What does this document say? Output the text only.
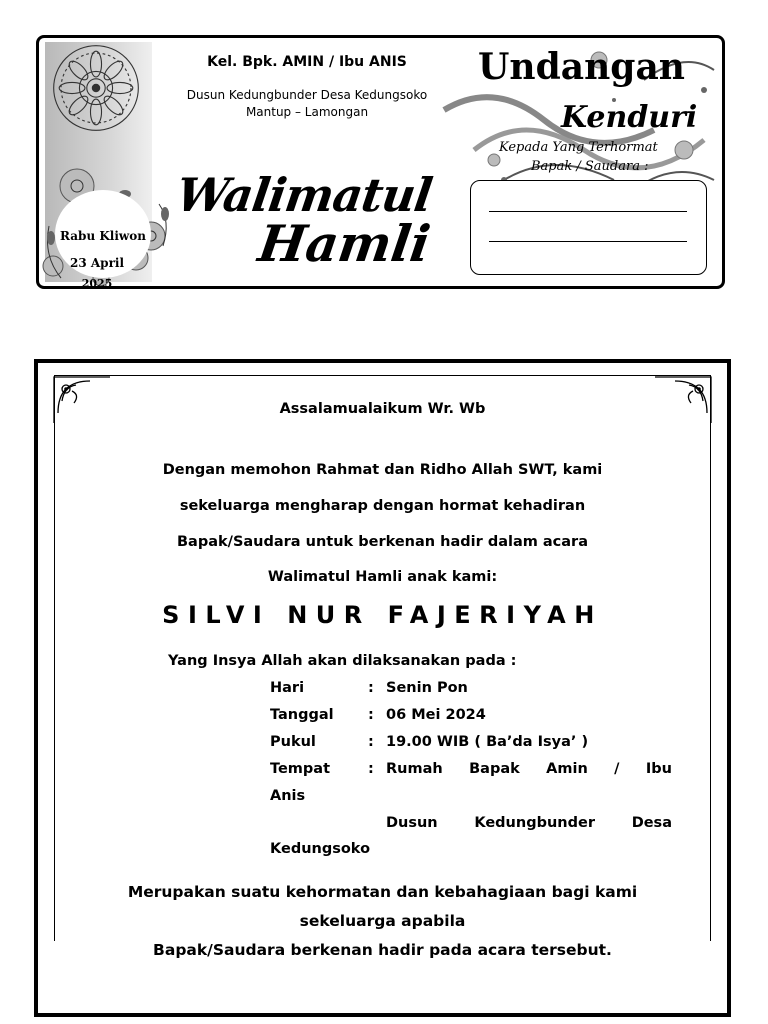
Rabu Kliwon
23 April
2025
Kel. Bpk. AMIN / Ibu ANIS
Dusun Kedungbunder Desa Kedungsoko
Mantup – Lamongan
Walimatul
Hamli
Undangan
Kenduri
Kepada Yang Terhormat
Bapak / Saudara :
Assalamualaikum Wr. Wb
Dengan memohon Rahmat dan Ridho Allah SWT, kami
sekeluarga mengharap dengan hormat kehadiran
Bapak/Saudara untuk berkenan hadir dalam acara
Walimatul Hamli anak kami:
SILVI NUR FAJERIYAH
Yang Insya Allah akan dilaksanakan pada :
Hari	: Senin Pon
Tanggal : 06 Mei 2024
Pukul	: 19.00 WIB ( Ba’da Isya’ )
Tempat	: Rumah Bapak Amin / Ibu
Anis
Dusun	Kedungbunder	Desa
Kedungsoko
Merupakan suatu kehormatan dan kebahagiaan bagi kami
sekeluarga apabila
Bapak/Saudara berkenan hadir pada acara tersebut.
